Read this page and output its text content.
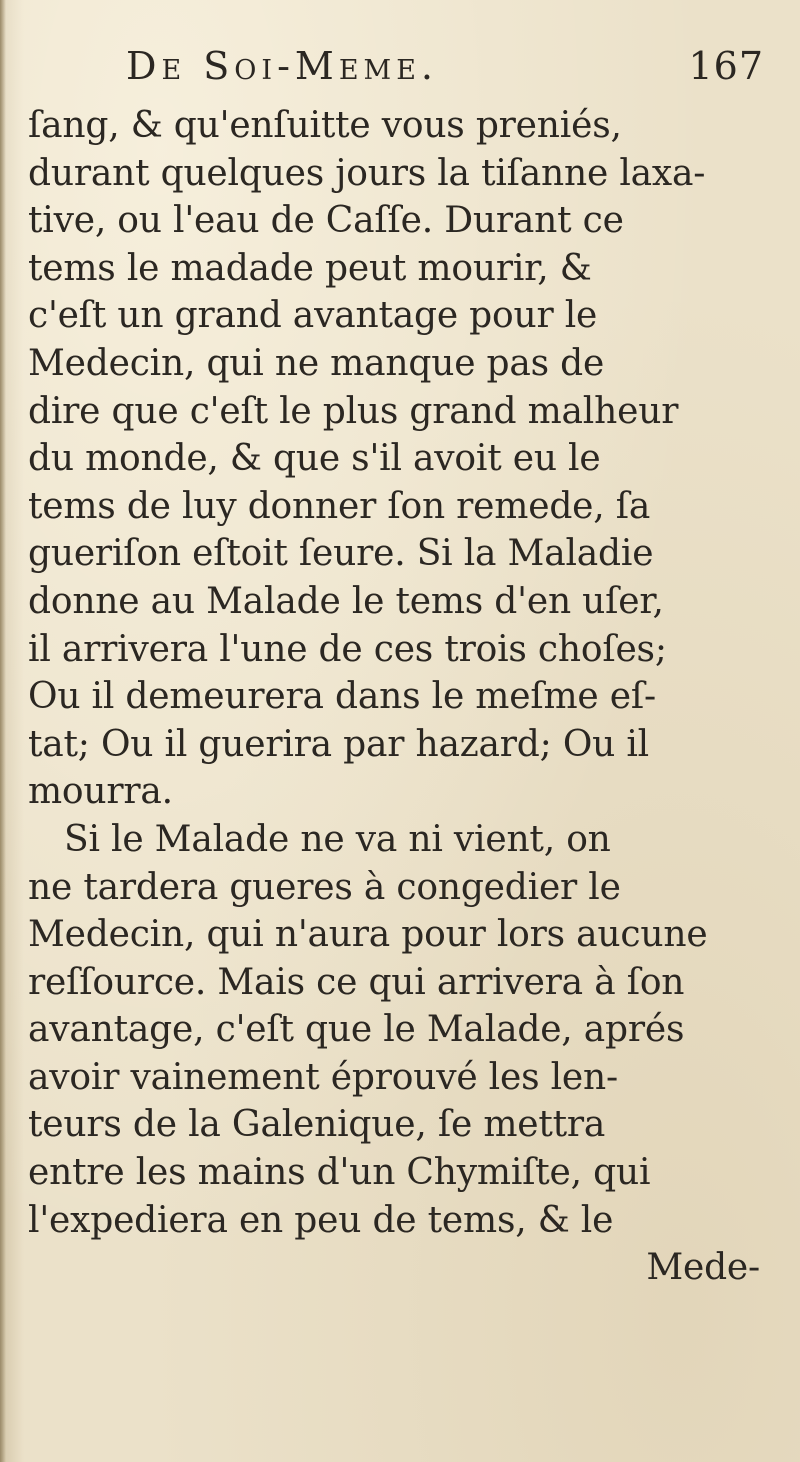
De Soi-Meme.	167
ſang, & qu'enſuitte vous preniés,
durant quelques jours la tiſanne laxa-
tive, ou l'eau de Caſſe. Durant ce
tems le madade peut mourir, &
c'eſt un grand avantage pour le
Medecin, qui ne manque pas de
dire que c'eſt le plus grand malheur
du monde, & que s'il avoit eu le
tems de luy donner ſon remede, ſa
gueriſon eſtoit ſeure. Si la Maladie
donne au Malade le tems d'en uſer,
il arrivera l'une de ces trois choſes;
Ou il demeurera dans le meſme eſ-
tat; Ou il guerira par hazard; Ou il
mourra.
Si le Malade ne va ni vient, on
ne tardera gueres à congedier le
Medecin, qui n'aura pour lors aucune
reſſource. Mais ce qui arrivera à ſon
avantage, c'eſt que le Malade, aprés
avoir vainement éprouvé les len-
teurs de la Galenique, ſe mettra
entre les mains d'un Chymiſte, qui
l'expediera en peu de tems, & le
Mede-
